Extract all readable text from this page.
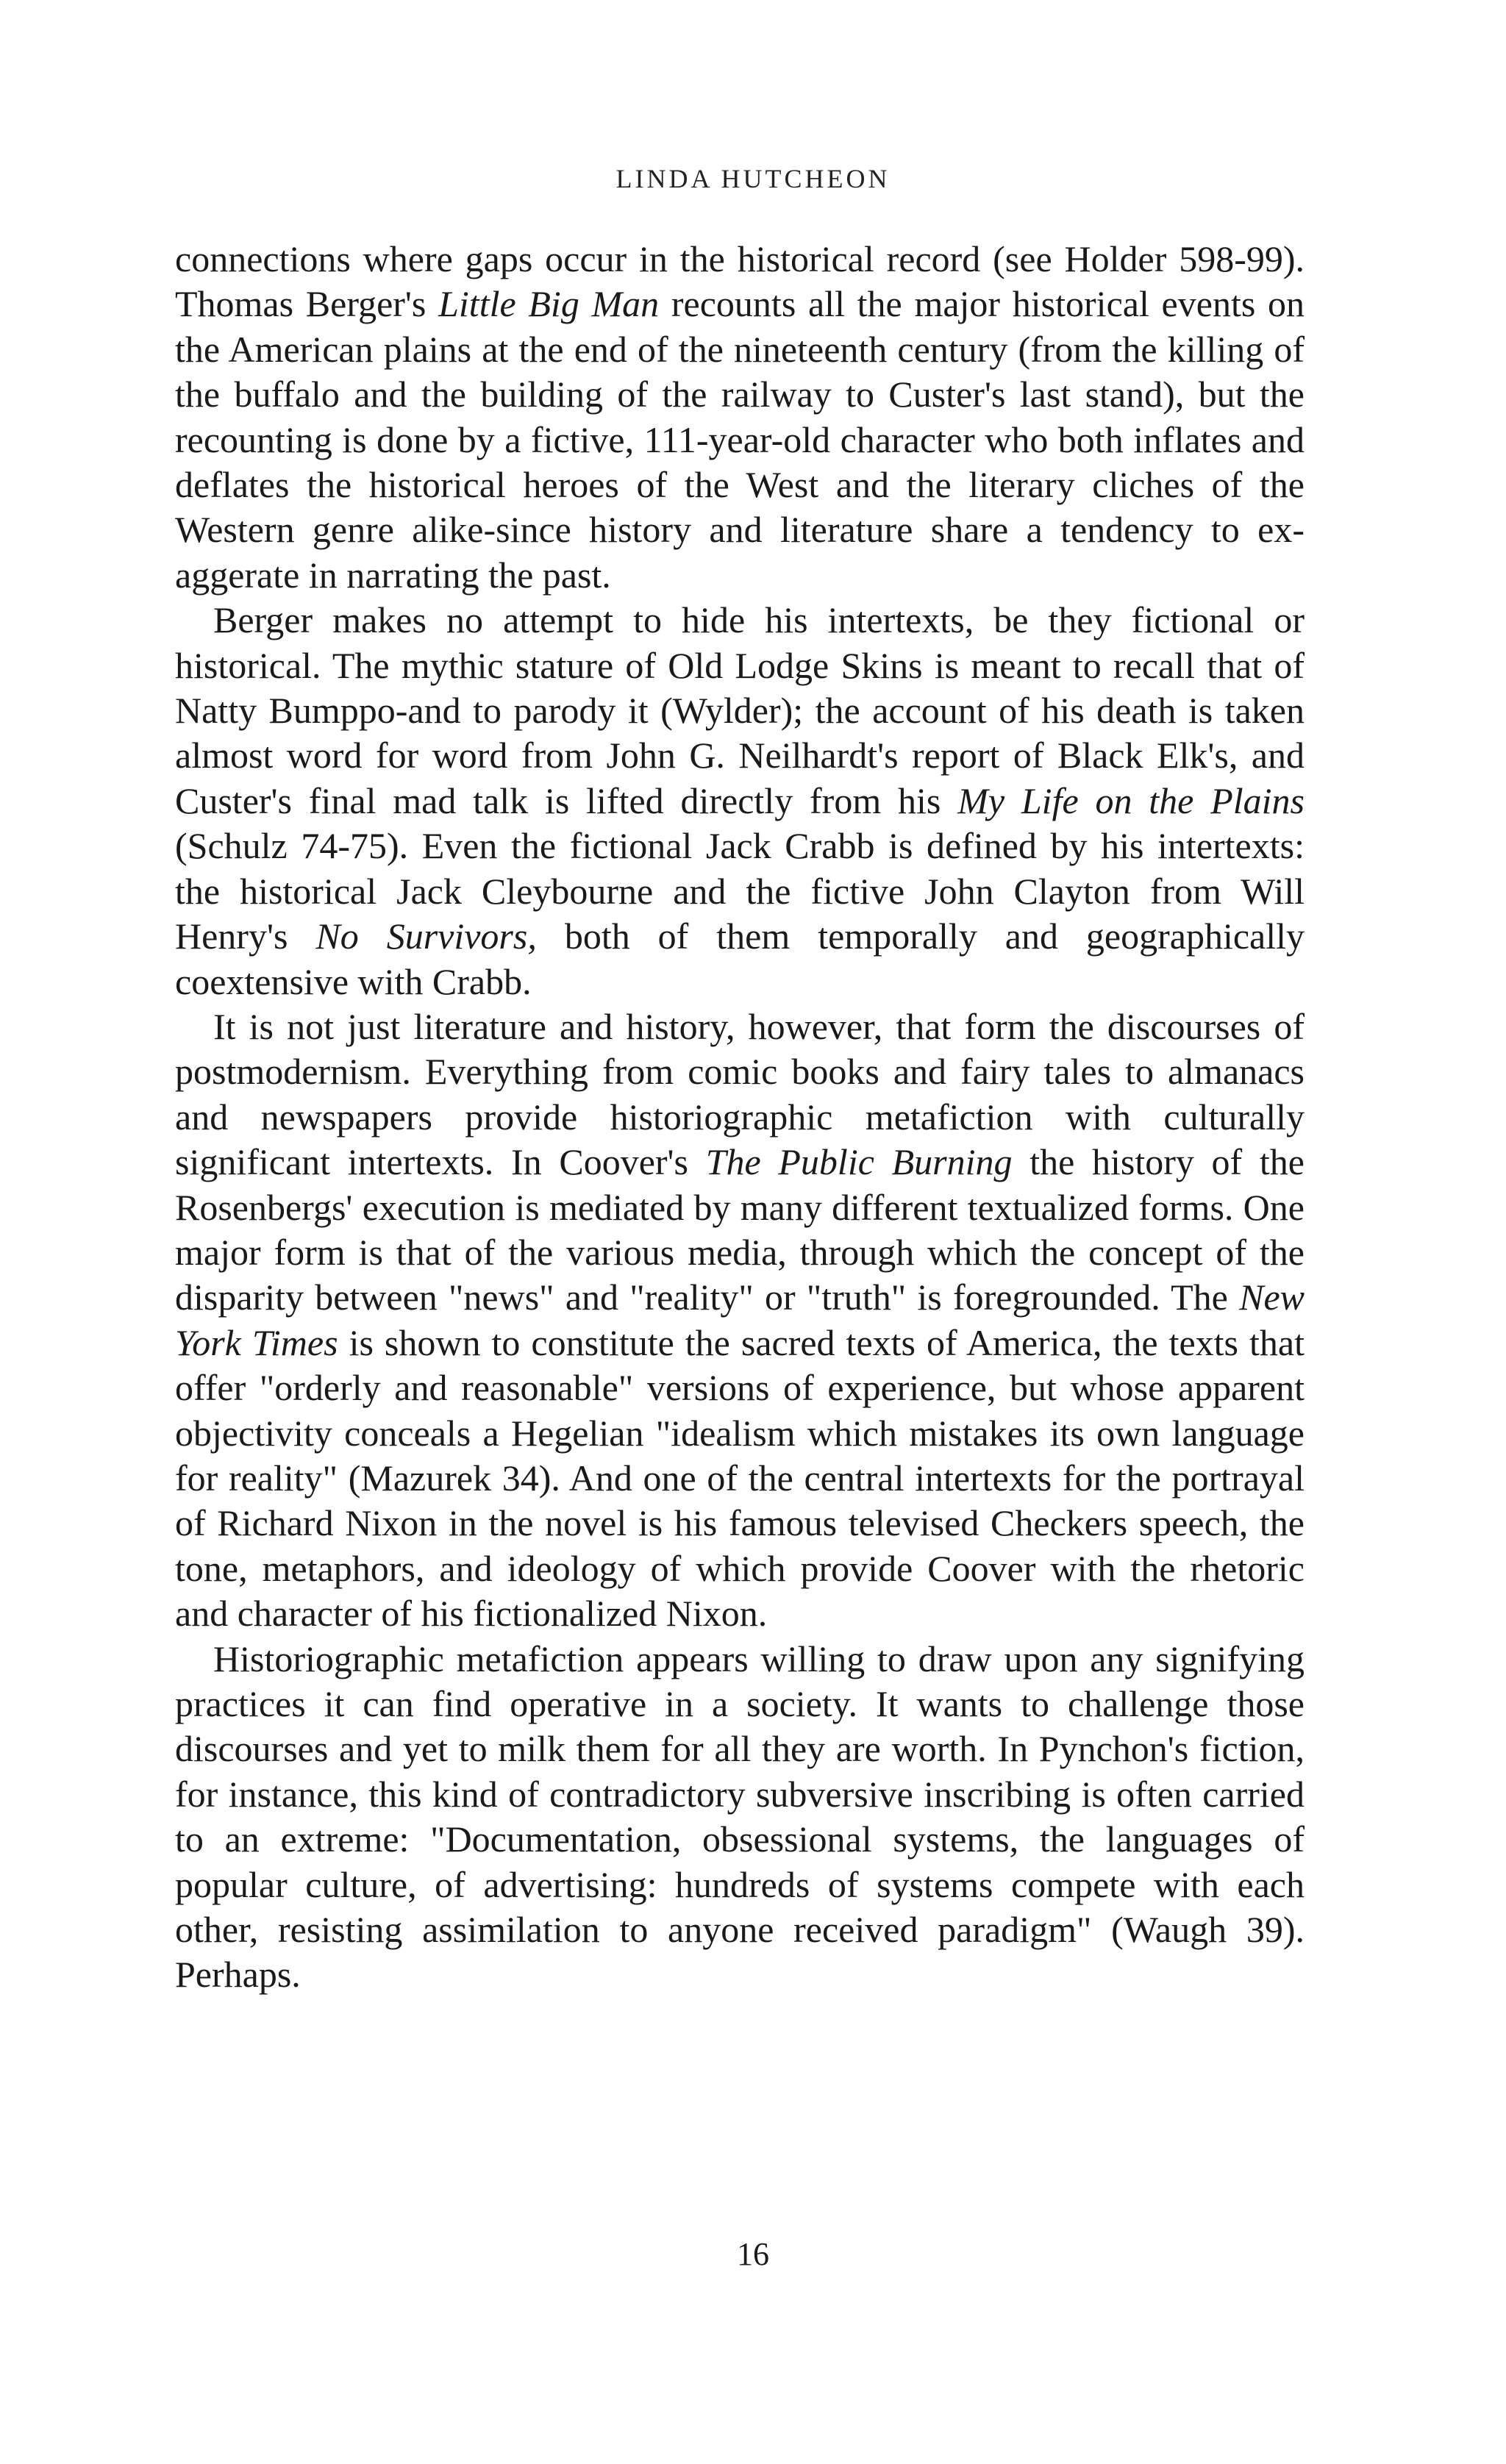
LINDA HUTCHEON

connections where gaps occur in the historical record (see Holder 598-99). Thomas Berger's Little Big Man recounts all the major historical events on the American plains at the end of the nineteenth century (from the killing of the buffalo and the building of the railway to Custer's last stand), but the recounting is done by a fictive, 111-year-old character who both inflates and deflates the historical heroes of the West and the literary cliches of the Western genre alike-since history and literature share a tendency to exaggerate in narrating the past.

Berger makes no attempt to hide his intertexts, be they fictional or historical. The mythic stature of Old Lodge Skins is meant to recall that of Natty Bumppo-and to parody it (Wylder); the account of his death is taken almost word for word from John G. Neilhardt's report of Black Elk's, and Custer's final mad talk is lifted directly from his My Life on the Plains (Schulz 74-75). Even the fictional Jack Crabb is defined by his intertexts: the historical Jack Cleybourne and the fictive John Clayton from Will Henry's No Survivors, both of them temporally and geographically coextensive with Crabb.

It is not just literature and history, however, that form the discourses of postmodernism. Everything from comic books and fairy tales to almanacs and newspapers provide historiographic metafiction with culturally significant intertexts. In Coover's The Public Burning the history of the Rosenbergs' execution is mediated by many different textualized forms. One major form is that of the various media, through which the concept of the disparity between "news" and "reality" or "truth" is foregrounded. The New York Times is shown to constitute the sacred texts of America, the texts that offer "orderly and reasonable" versions of experience, but whose apparent objectivity conceals a Hegelian "idealism which mistakes its own language for reality" (Mazurek 34). And one of the central intertexts for the portrayal of Richard Nixon in the novel is his famous televised Checkers speech, the tone, metaphors, and ideology of which provide Coover with the rhetoric and character of his fictionalized Nixon.

Historiographic metafiction appears willing to draw upon any signifying practices it can find operative in a society. It wants to challenge those discourses and yet to milk them for all they are worth. In Pynchon's fiction, for instance, this kind of contradictory subversive inscribing is often carried to an extreme: "Documentation, obsessional systems, the languages of popular culture, of advertising: hundreds of systems compete with each other, resisting assimilation to anyone received paradigm" (Waugh 39). Perhaps.

16
